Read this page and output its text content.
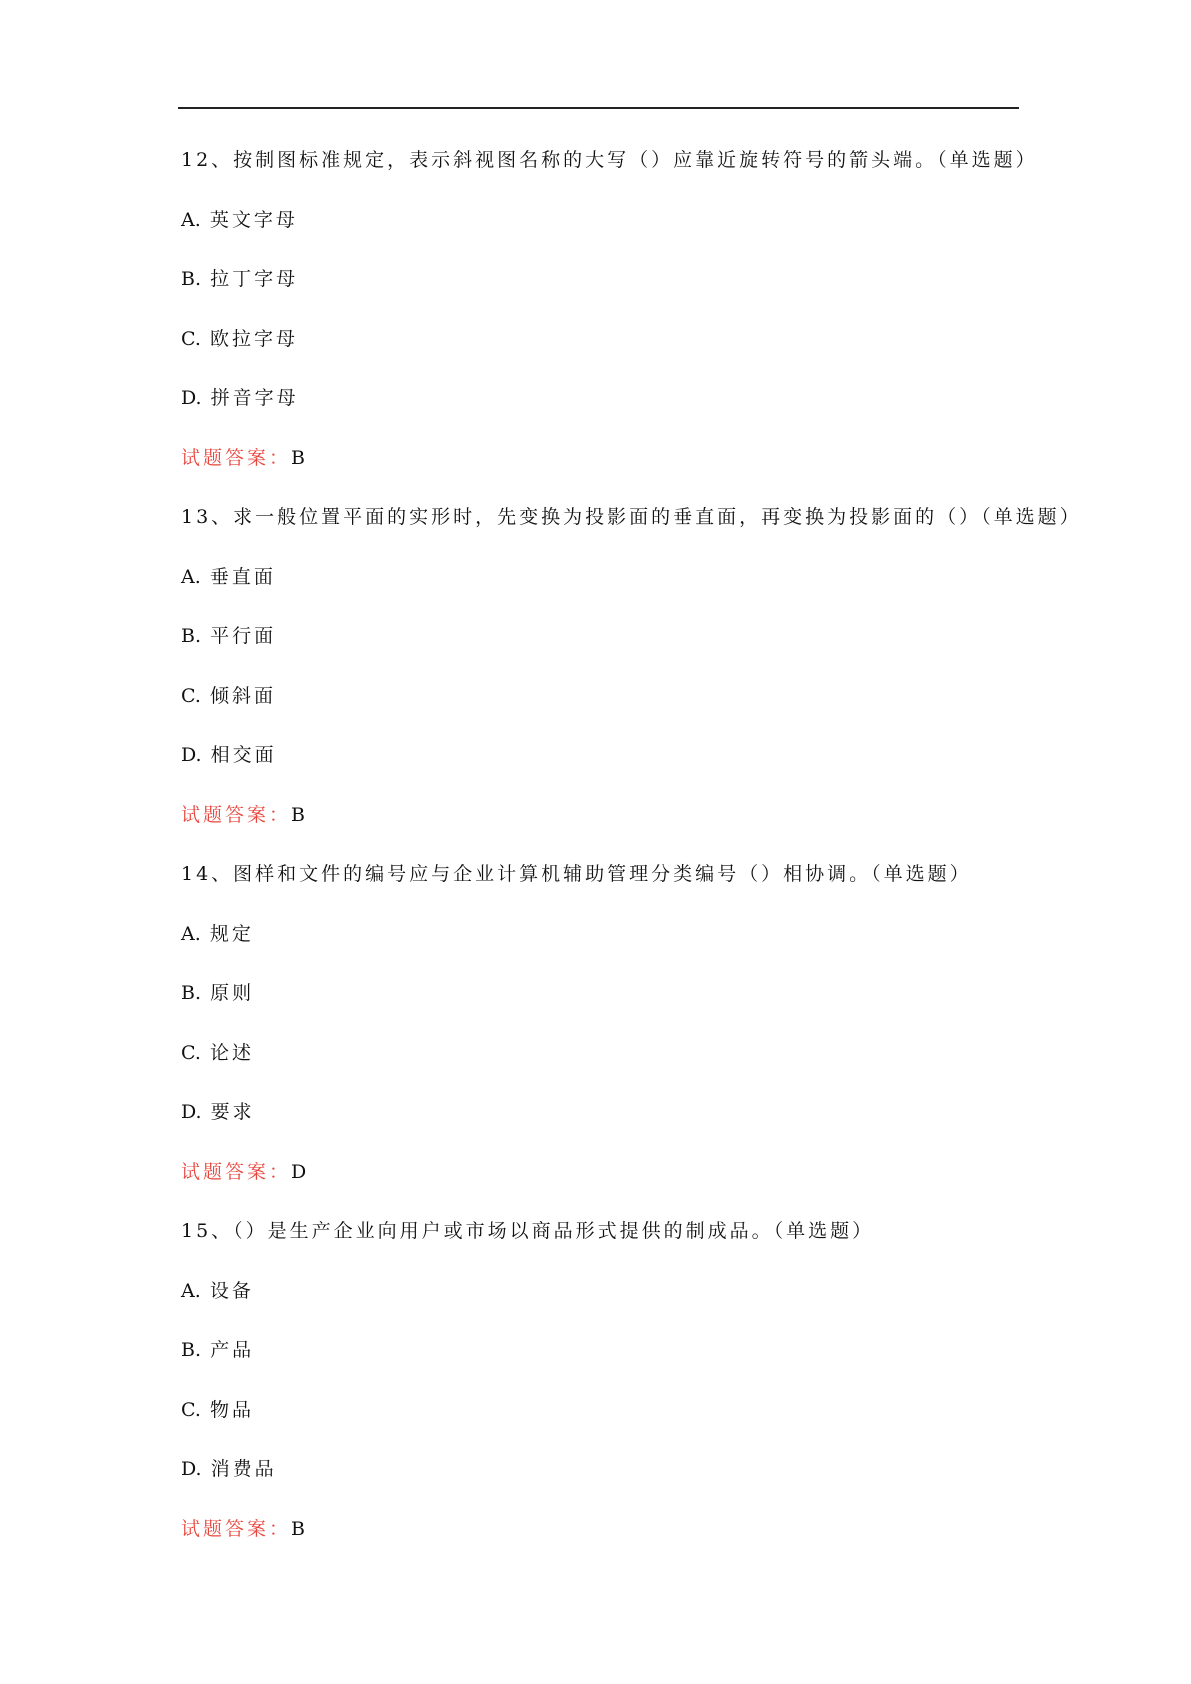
12、按制图标准规定，表示斜视图名称的大写（）应靠近旋转符号的箭头端。（单选题）
A. 英文字母
B. 拉丁字母
C. 欧拉字母
D. 拼音字母
试题答案：B
13、求一般位置平面的实形时，先变换为投影面的垂直面，再变换为投影面的（）（单选题）
A. 垂直面
B. 平行面
C. 倾斜面
D. 相交面
试题答案：B
14、图样和文件的编号应与企业计算机辅助管理分类编号（）相协调。（单选题）
A. 规定
B. 原则
C. 论述
D. 要求
试题答案：D
15、（）是生产企业向用户或市场以商品形式提供的制成品。（单选题）
A. 设备
B. 产品
C. 物品
D. 消费品
试题答案：B
